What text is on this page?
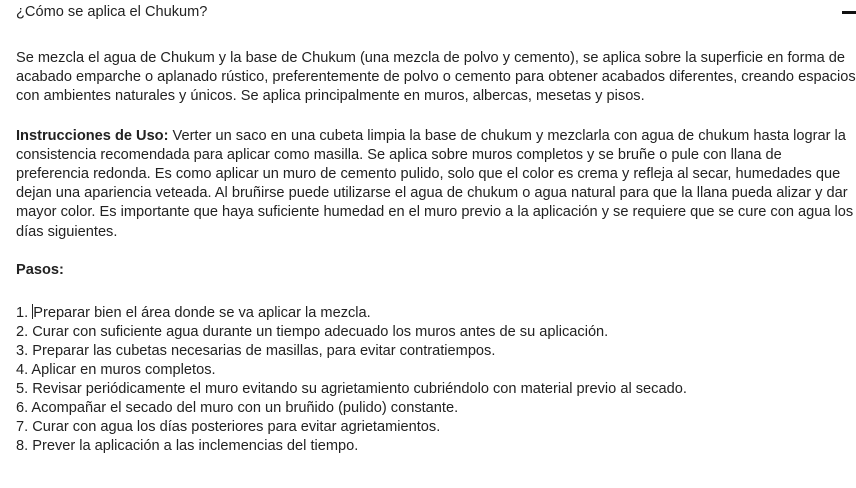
¿Cómo se aplica el Chukum?

Se mezcla el agua de Chukum y la base de Chukum (una mezcla de polvo y cemento), se aplica sobre la superficie en forma de acabado emparche o aplanado rústico, preferentemente de polvo o cemento para obtener acabados diferentes, creando espacios con ambientes naturales y únicos. Se aplica principalmente en muros, albercas, mesetas y pisos.

Instrucciones de Uso: Verter un saco en una cubeta limpia la base de chukum y mezclarla con agua de chukum hasta lograr la consistencia recomendada para aplicar como masilla. Se aplica sobre muros completos y se bruñe o pule con llana de preferencia redonda. Es como aplicar un muro de cemento pulido, solo que el color es crema y refleja al secar, humedades que dejan una apariencia veteada. Al bruñirse puede utilizarse el agua de chukum o agua natural para que la llana pueda alizar y dar mayor color. Es importante que haya suficiente humedad en el muro previo a la aplicación y se requiere que se cure con agua los días siguientes.

Pasos:

1. Preparar bien el área donde se va aplicar la mezcla.
2. Curar con suficiente agua durante un tiempo adecuado los muros antes de su aplicación.
3. Preparar las cubetas necesarias de masillas, para evitar contratiempos.
4. Aplicar en muros completos.
5. Revisar periódicamente el muro evitando su agrietamiento cubriéndolo con material previo al secado.
6. Acompañar el secado del muro con un bruñido (pulido) constante.
7. Curar con agua los días posteriores para evitar agrietamientos.
8. Prever la aplicación a las inclemencias del tiempo.
